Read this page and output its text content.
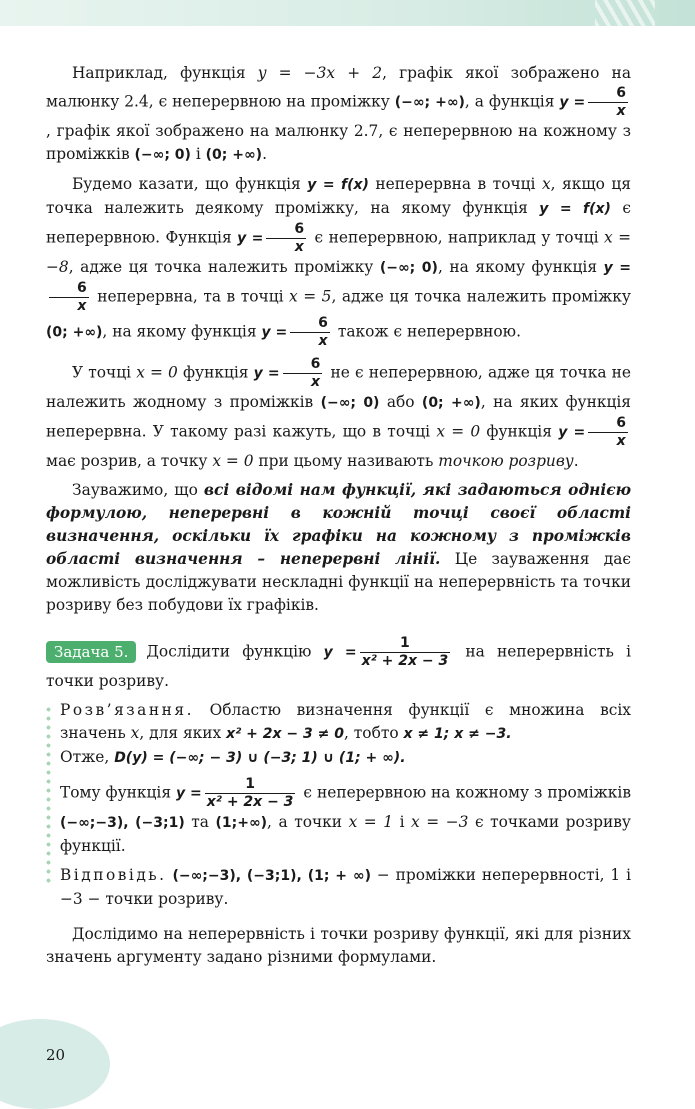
Наприклад, функція y = −3x + 2, графік якої зображено на малюнку 2.4, є неперервною на проміжку (−∞; +∞), а функція $y = \frac{6}{x}$
, графік якої зображено на малюнку 2.7, є неперервною на кожному з проміжків (−∞; 0) і (0; +∞).

Будемо казати, що функція y = f(x) неперервна в точці x, якщо ця точка належить деякому проміжку, на якому функція y = f(x) є неперервною. Функція $y = \frac{6}{x}$ є неперервною, наприклад у точці x = −8, адже ця точка належить проміжку (−∞; 0), на якому функція y =
$\frac{6}{x}$ неперервна, та в точці x = 5, адже ця точка належить проміжку (0; +∞), на якому функція $y = \frac{6}{x}$ також є неперервною.

У точці x = 0 функція $y = \frac{6}{x}$ не є неперервною, адже ця точка не належить жодному з проміжків (−∞; 0) або (0; +∞), на яких функція неперервна. У такому разі кажуть, що в точці x = 0 функція $y = \frac{6}{x}$
має розрив, а точку x = 0 при цьому називають точкою розриву.

Зауважимо, що всі відомі нам функції, які задаються однією формулою, неперервні в кожній точці своєї області визначення, оскільки їх графіки на кожному з проміжків області визначення – неперервні лінії. Це зауваження дає можливість досліджувати нескладні функції на неперервність та точки розриву без побудови їх графіків.

Задача 5. Дослідити функцію $y = \frac{1}{\text{x² + 2x − 3}}$ на неперервність і точки розриву.

Розв’язання. Областю визначення функції є множина всіх значень x, для яких x² + 2x − 3 ≠ 0, тобто x ≠ 1; x ≠ −3.

Отже, D(y) = (−∞; − 3) ∪ (−3; 1) ∪ (1; + ∞).

Тому функція $y = \frac{1}{\text{x² + 2x − 3}}$ є неперервною на кожному з проміжків (−∞;−3), (−3;1) та (1;+∞), а точки x = 1 і x = −3 є точками розриву функції.

Відповідь. (−∞;−3), (−3;1), (1; + ∞) − проміжки неперервності, 1 і −3 − точки розриву.

Дослідимо на неперервність і точки розриву функції, які для різних значень аргументу задано різними формулами.

20
